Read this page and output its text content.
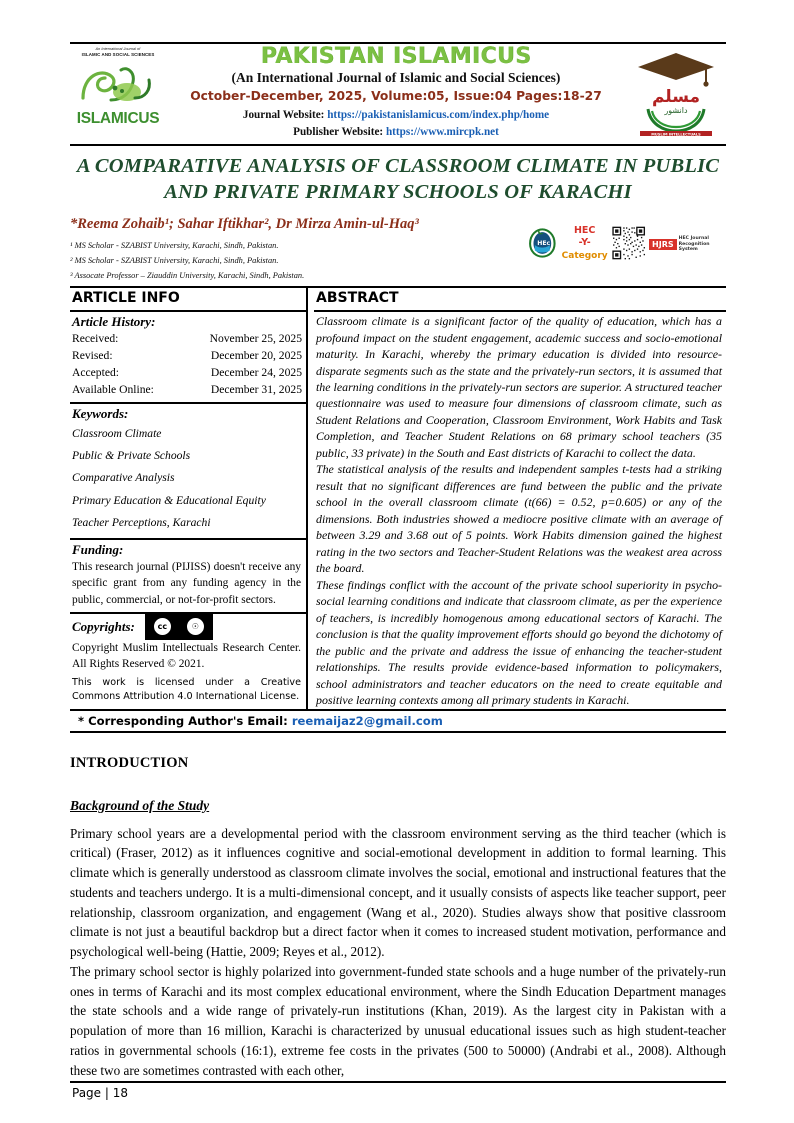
An International Journal of
ISLAMIC AND SOCIAL SCIENCES
ISLAMICUS
PAKISTAN ISLAMICUS
(An International Journal of Islamic and Social Sciences)
October-December, 2025, Volume:05, Issue:04 Pages:18-27
Journal Website: https://pakistanislamicus.com/index.php/home
Publisher Website: https://www.mircpk.net
مسلم
دانشور
MUSLIM INTELLECTUALS
A COMPARATIVE ANALYSIS OF CLASSROOM CLIMATE IN PUBLIC AND PRIVATE PRIMARY SCHOOLS OF KARACHI
*Reema Zohaib¹; Sahar Iftikhar², Dr Mirza Amin-ul-Haq³
¹ MS Scholar - SZABIST University, Karachi, Sindh, Pakistan.
² MS Scholar - SZABIST University, Karachi, Sindh, Pakistan.
³ Assocate Professor – Ziauddin University, Karachi, Sindh, Pakistan.
HEc
HEC
-Y-
Category
HJRS
HEC Journal Recognition System
ARTICLE INFO
Article History:
Received:	November 25, 2025
Revised:	December 20, 2025
Accepted:	December 24, 2025
Available Online:	December 31, 2025
Keywords:
Classroom Climate
Public & Private Schools
Comparative Analysis
Primary Education & Educational Equity
Teacher Perceptions, Karachi
Funding:
This research journal (PIJISS) doesn't receive any specific grant from any funding agency in the public, commercial, or not-for-profit sectors.
Copyrights:	cc	☉
Copyright Muslim Intellectuals Research Center. All Rights Reserved © 2021.
This work is licensed under a Creative Commons Attribution 4.0 International License.
ABSTRACT

Classroom climate is a significant factor of the quality of education, which has a profound impact on the student engagement, academic success and socio-emotional maturity. In Karachi, whereby the primary education is divided into resource-disparate segments such as the state and the privately-run sectors, it is assumed that the learning conditions in the privately-run sectors are superior. A structured teacher questionnaire was used to measure four dimensions of classroom climate, such as Student Relations and Cooperation, Classroom Environment, Work Habits and Task Completion, and Teacher Student Relations on 68 primary school teachers (35 public, 33 private) in the South and East districts of Karachi to collect the data.

The statistical analysis of the results and independent samples t-tests had a striking result that no significant differences are fund between the public and the private school in the overall classroom climate (t(66) = 0.52, p=0.605) or any of the dimensions. Both industries showed a mediocre positive climate with an average of between 3.29 and 3.68 out of 5 points. Work Habits dimension gained the highest rating in the two sectors and Teacher-Student Relations was the weakest area across the board.

These findings conflict with the account of the private school superiority in psycho-social learning conditions and indicate that classroom climate, as per the experience of teachers, is incredibly homogenous among educational sectors of Karachi. The conclusion is that the quality improvement efforts should go beyond the dichotomy of the public and the private and address the issue of enhancing the teacher-student relationships. The results provide evidence-based information to policymakers, school administrators and teacher educators on the need to create equitable and positive learning contexts among all primary students in Karachi.

* Corresponding Author's Email: reemaijaz2@gmail.com
INTRODUCTION
Background of the Study
Primary school years are a developmental period with the classroom environment serving as the third teacher (which is critical) (Fraser, 2012) as it influences cognitive and social-emotional development in addition to formal learning. This climate which is generally understood as classroom climate involves the social, emotional and instructional features that the students and teachers undergo. It is a multi-dimensional concept, and it usually consists of aspects like teacher support, peer relationship, classroom organization, and engagement (Wang et al., 2020). Studies always show that positive classroom climate is not just a beautiful backdrop but a direct factor when it comes to increased student motivation, performance and psychological well-being (Hattie, 2009; Reyes et al., 2012).
The primary school sector is highly polarized into government-funded state schools and a huge number of the privately-run ones in terms of Karachi and its most complex educational environment, where the Sindh Education Department manages the state schools and a wide range of privately-run institutions (Khan, 2019). As the largest city in Pakistan with a population of more than 16 million, Karachi is characterized by unusual educational issues such as high student-teacher ratios in governmental schools (16:1), extreme fee costs in the privates (500 to 50000) (Andrabi et al., 2008). Although these two are sometimes contrasted with each other,
Page | 18
